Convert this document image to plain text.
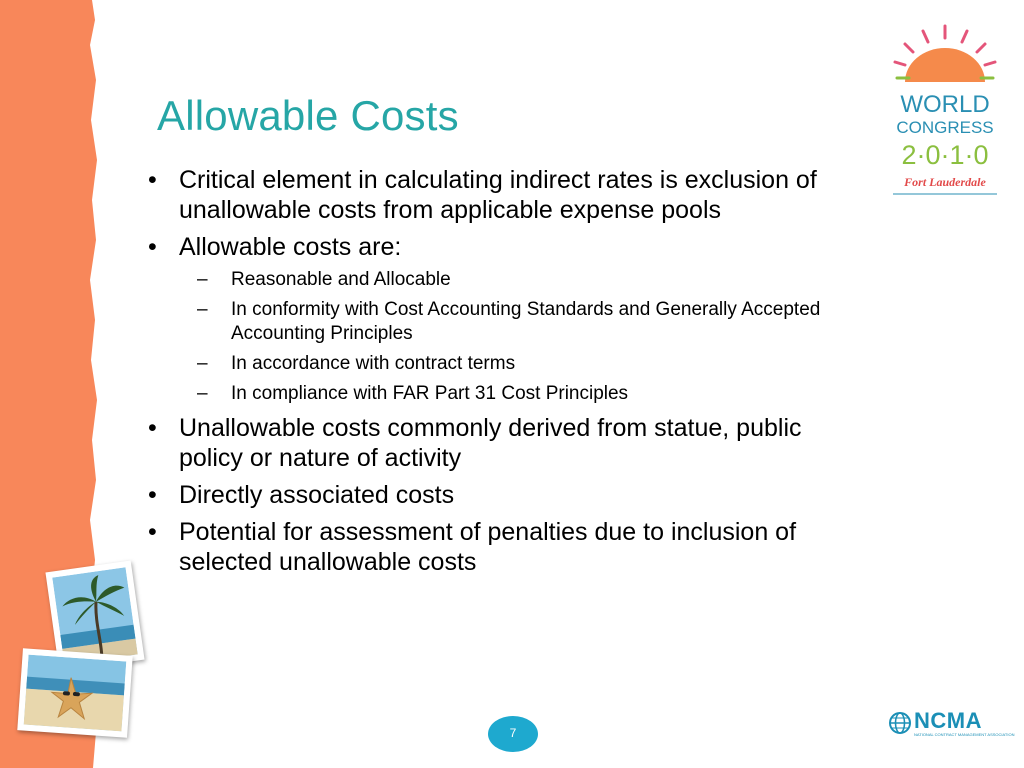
Allowable Costs
• Critical element in calculating indirect rates is exclusion of unallowable costs from applicable expense pools
• Allowable costs are:
– Reasonable and Allocable
– In conformity with Cost Accounting Standards and Generally Accepted Accounting Principles
– In accordance with contract terms
– In compliance with FAR Part 31 Cost Principles
• Unallowable costs commonly derived from statue, public policy or nature of activity
• Directly associated costs
• Potential for assessment of penalties due to inclusion of selected unallowable costs
WORLD
CONGRESS
2·0·1·0
Fort Lauderdale
7	NCMA
NATIONAL CONTRACT MANAGEMENT ASSOCIATION
